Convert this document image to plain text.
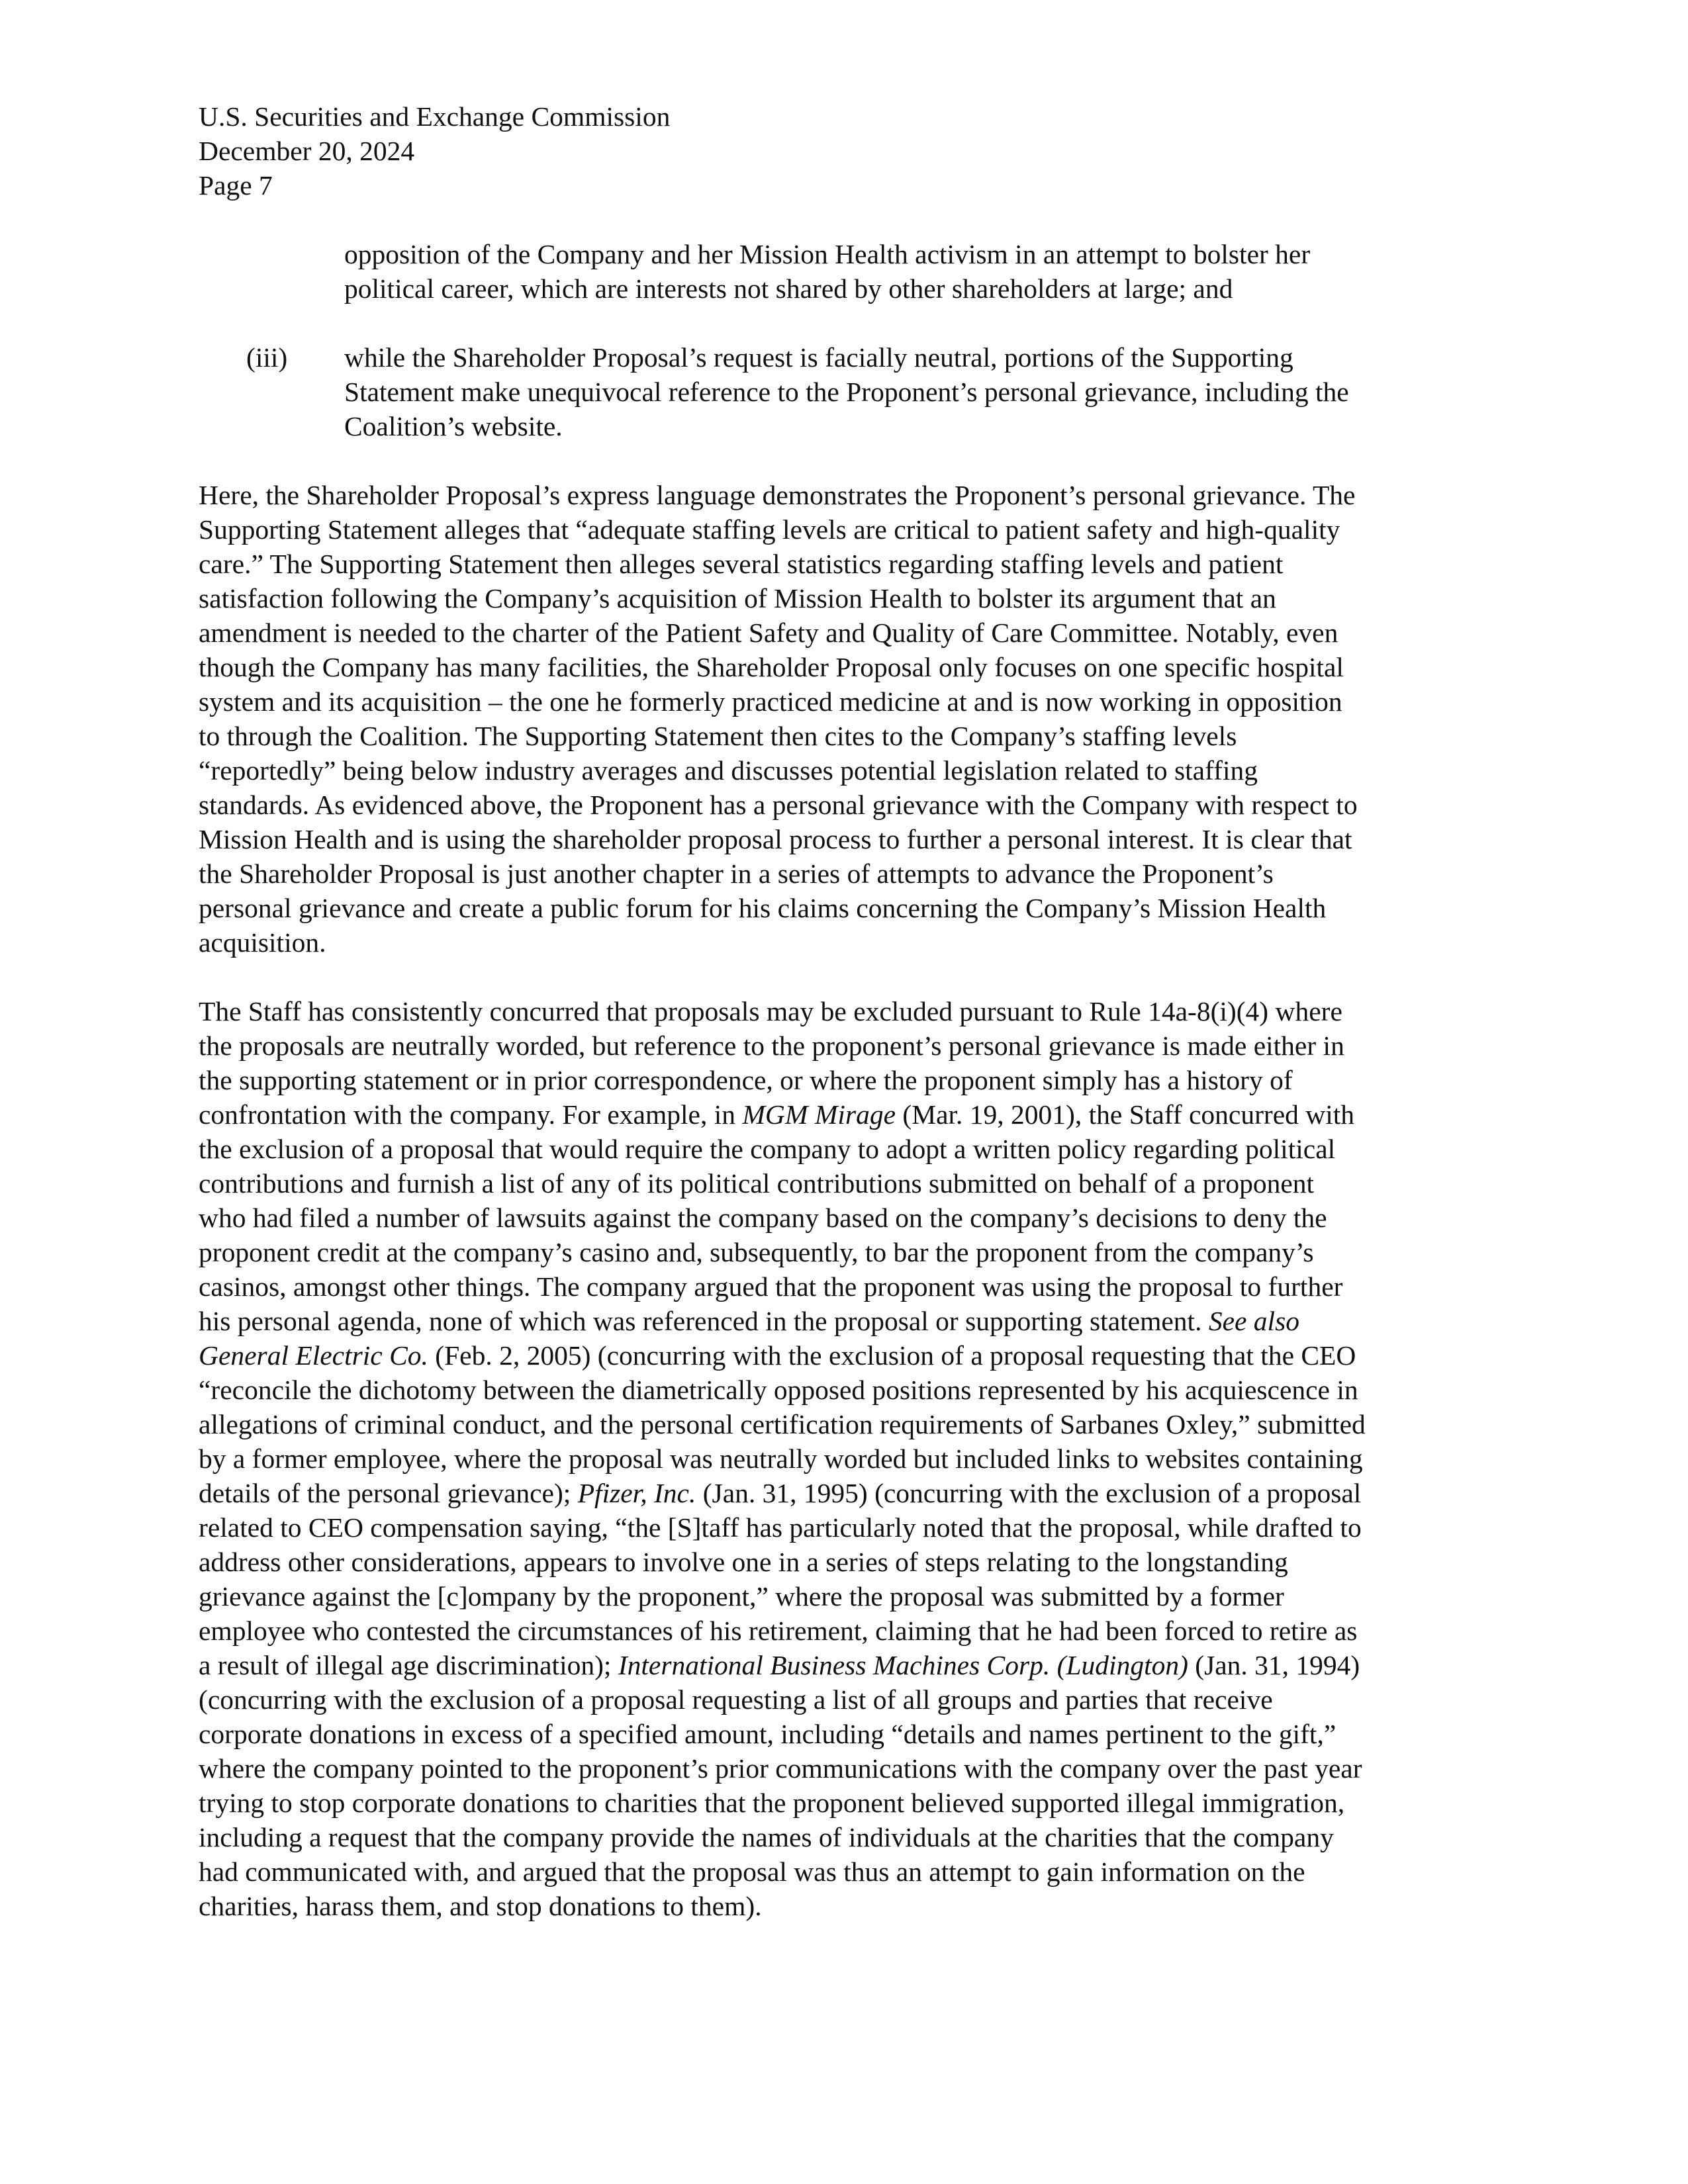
U.S. Securities and Exchange Commission
December 20, 2024
Page 7
opposition of the Company and her Mission Health activism in an attempt to bolster her
political career, which are interests not shared by other shareholders at large; and
(iii) while the Shareholder Proposal’s request is facially neutral, portions of the Supporting
Statement make unequivocal reference to the Proponent’s personal grievance, including the
Coalition’s website.
Here, the Shareholder Proposal’s express language demonstrates the Proponent’s personal grievance. The
Supporting Statement alleges that “adequate staffing levels are critical to patient safety and high-quality
care.” The Supporting Statement then alleges several statistics regarding staffing levels and patient
satisfaction following the Company’s acquisition of Mission Health to bolster its argument that an
amendment is needed to the charter of the Patient Safety and Quality of Care Committee. Notably, even
though the Company has many facilities, the Shareholder Proposal only focuses on one specific hospital
system and its acquisition – the one he formerly practiced medicine at and is now working in opposition
to through the Coalition. The Supporting Statement then cites to the Company’s staffing levels
“reportedly” being below industry averages and discusses potential legislation related to staffing
standards. As evidenced above, the Proponent has a personal grievance with the Company with respect to
Mission Health and is using the shareholder proposal process to further a personal interest. It is clear that
the Shareholder Proposal is just another chapter in a series of attempts to advance the Proponent’s
personal grievance and create a public forum for his claims concerning the Company’s Mission Health
acquisition.
The Staff has consistently concurred that proposals may be excluded pursuant to Rule 14a-8(i)(4) where
the proposals are neutrally worded, but reference to the proponent’s personal grievance is made either in
the supporting statement or in prior correspondence, or where the proponent simply has a history of
confrontation with the company. For example, in MGM Mirage (Mar. 19, 2001), the Staff concurred with
the exclusion of a proposal that would require the company to adopt a written policy regarding political
contributions and furnish a list of any of its political contributions submitted on behalf of a proponent
who had filed a number of lawsuits against the company based on the company’s decisions to deny the
proponent credit at the company’s casino and, subsequently, to bar the proponent from the company’s
casinos, amongst other things. The company argued that the proponent was using the proposal to further
his personal agenda, none of which was referenced in the proposal or supporting statement. See also
General Electric Co. (Feb. 2, 2005) (concurring with the exclusion of a proposal requesting that the CEO
“reconcile the dichotomy between the diametrically opposed positions represented by his acquiescence in
allegations of criminal conduct, and the personal certification requirements of Sarbanes Oxley,” submitted
by a former employee, where the proposal was neutrally worded but included links to websites containing
details of the personal grievance); Pfizer, Inc. (Jan. 31, 1995) (concurring with the exclusion of a proposal
related to CEO compensation saying, “the [S]taff has particularly noted that the proposal, while drafted to
address other considerations, appears to involve one in a series of steps relating to the longstanding
grievance against the [c]ompany by the proponent,” where the proposal was submitted by a former
employee who contested the circumstances of his retirement, claiming that he had been forced to retire as
a result of illegal age discrimination); International Business Machines Corp. (Ludington) (Jan. 31, 1994)
(concurring with the exclusion of a proposal requesting a list of all groups and parties that receive
corporate donations in excess of a specified amount, including “details and names pertinent to the gift,”
where the company pointed to the proponent’s prior communications with the company over the past year
trying to stop corporate donations to charities that the proponent believed supported illegal immigration,
including a request that the company provide the names of individuals at the charities that the company
had communicated with, and argued that the proposal was thus an attempt to gain information on the
charities, harass them, and stop donations to them).
